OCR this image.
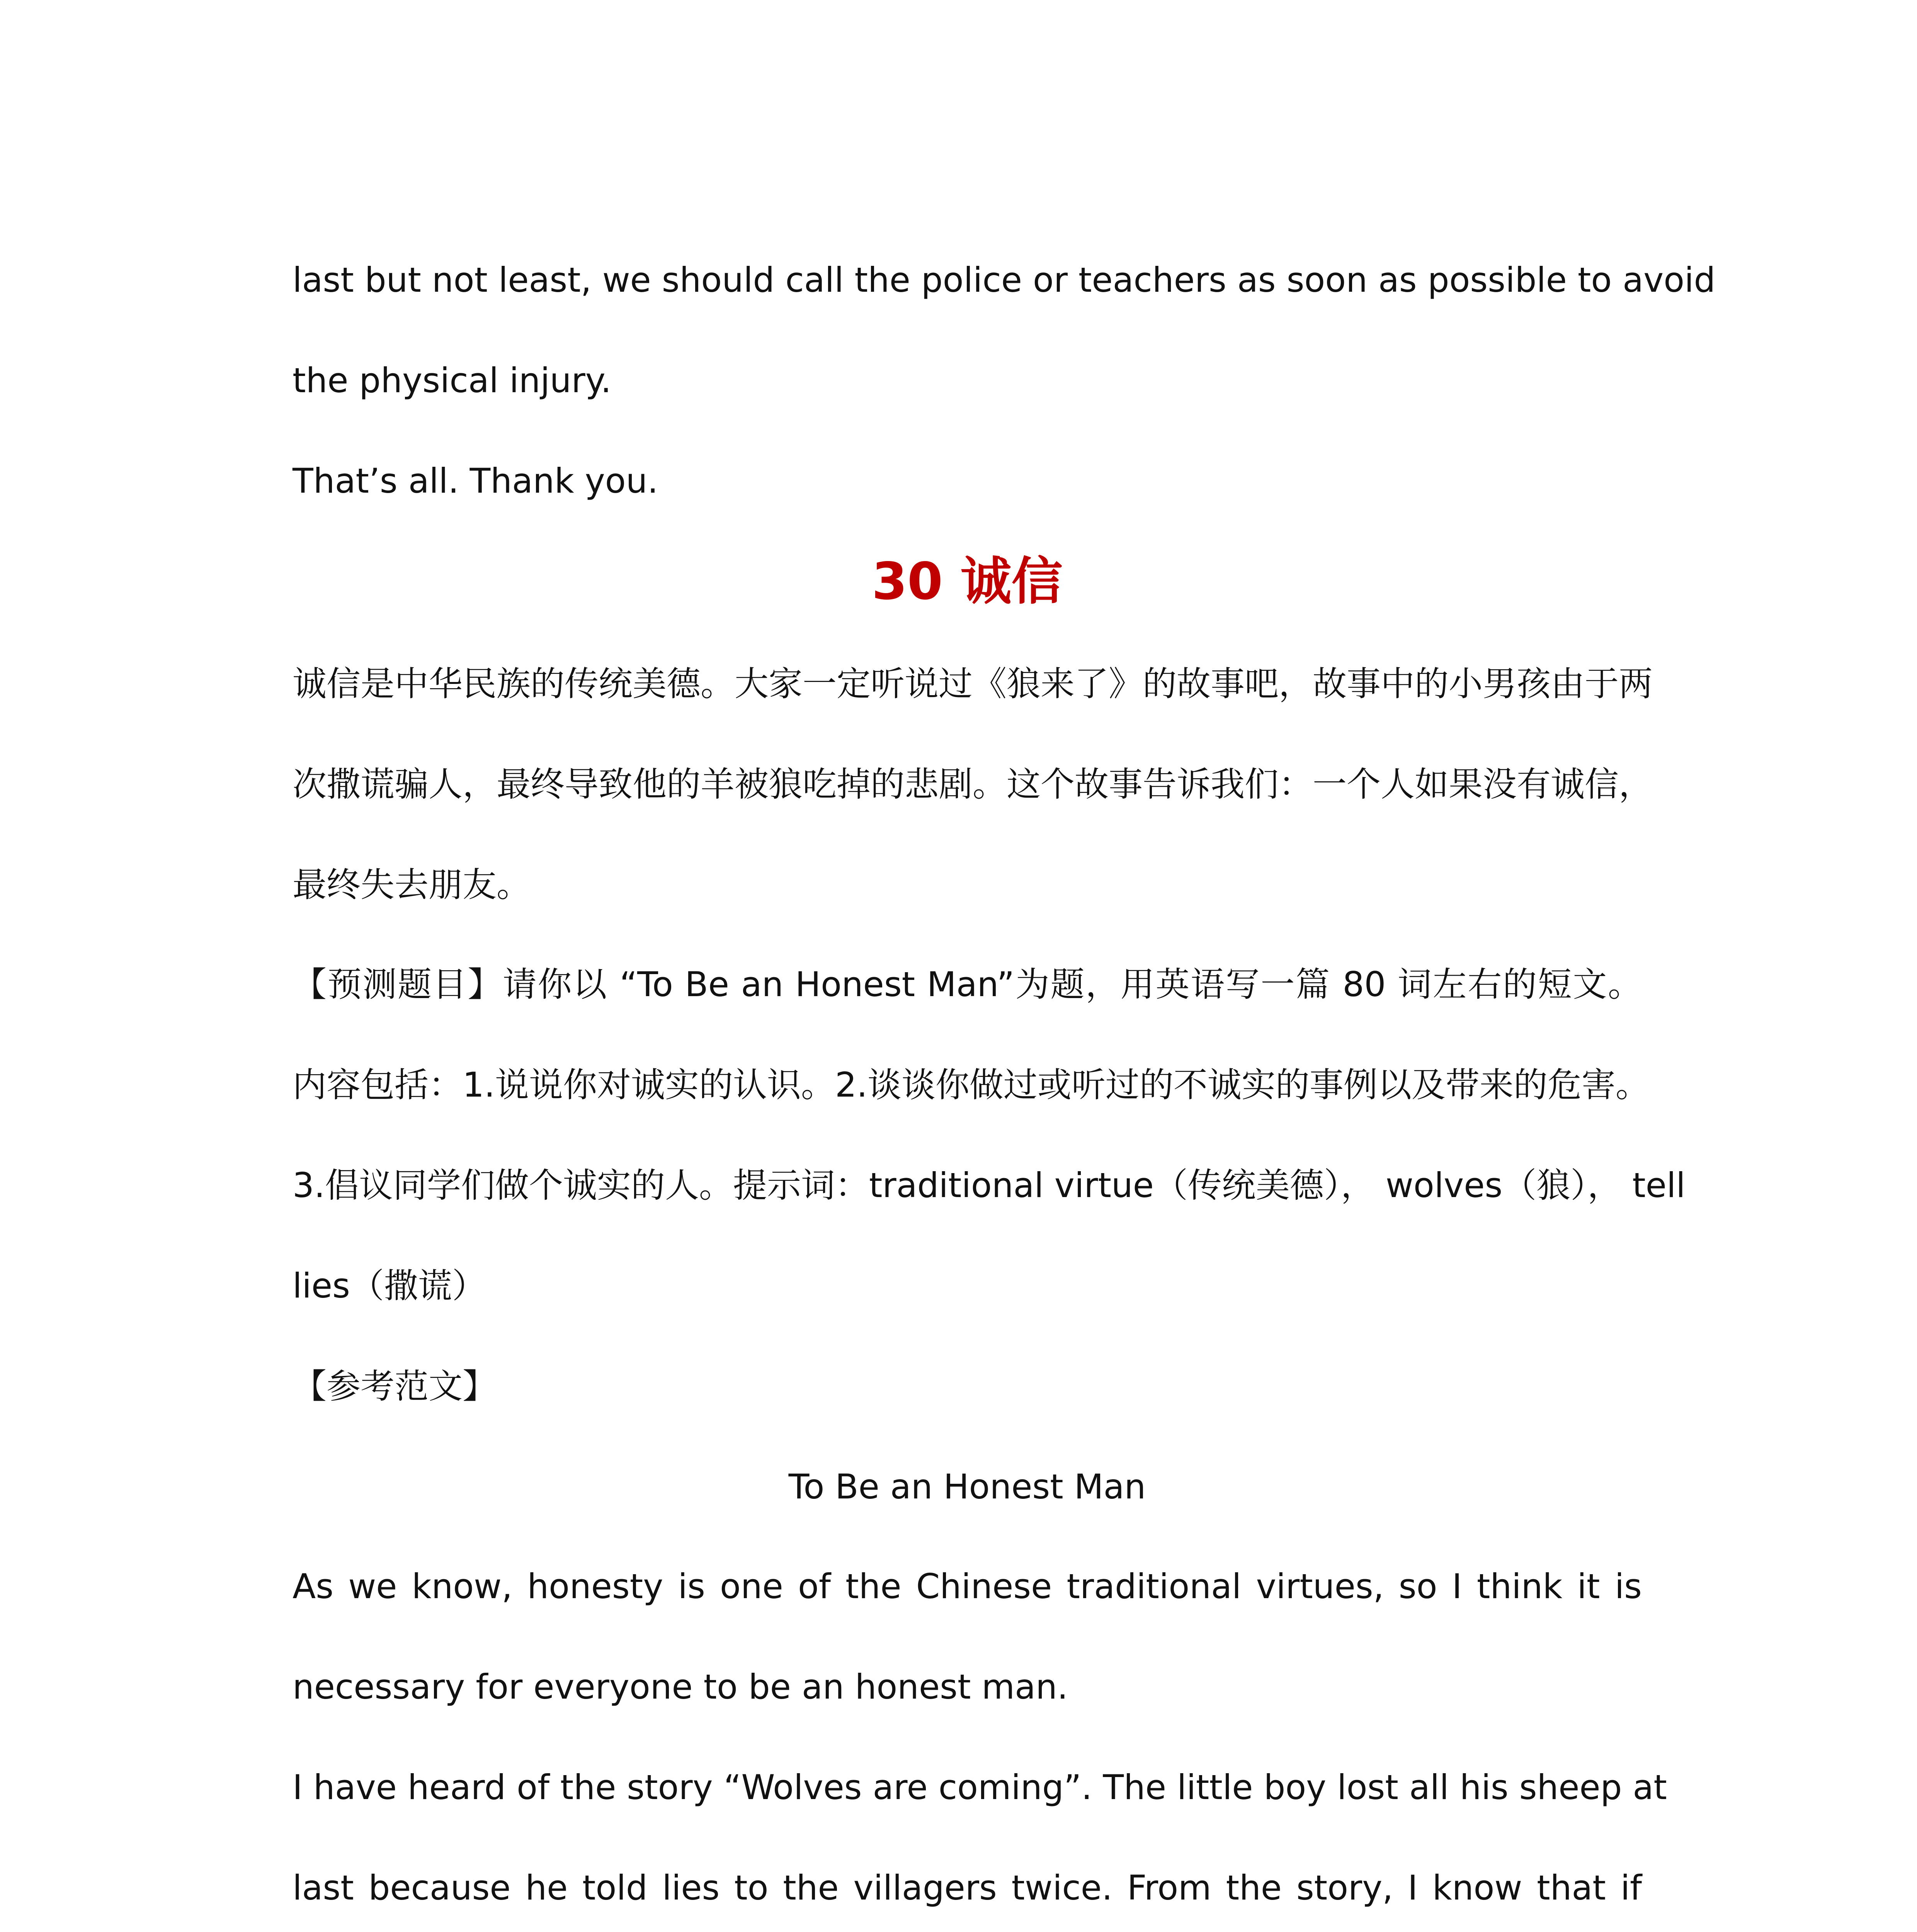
last but not least, we should call the police or teachers as soon as possible to avoid

the physical injury.

That’s all. Thank you.

30 诚信

诚信是中华民族的传统美德。大家一定听说过《狼来了》的故事吧，故事中的小男孩由于两

次撒谎骗人，最终导致他的羊被狼吃掉的悲剧。这个故事告诉我们：一个人如果没有诚信，

最终失去朋友。

【预测题目】请你以 “To Be an Honest Man”为题，用英语写一篇 80 词左右的短文。

内容包括：1.说说你对诚实的认识。2.谈谈你做过或听过的不诚实的事例以及带来的危害。

3.倡议同学们做个诚实的人。提示词：traditional virtue（传统美德）， wolves（狼）， tell

lies（撒谎）

【参考范文】

To Be an Honest Man

As we know, honesty is one of the Chinese traditional virtues, so I think it is

necessary for everyone to be an honest man.

I have heard of the story “Wolves are coming”. The little boy lost all his sheep at

last because he told lies to the villagers twice. From the story, I know that if
